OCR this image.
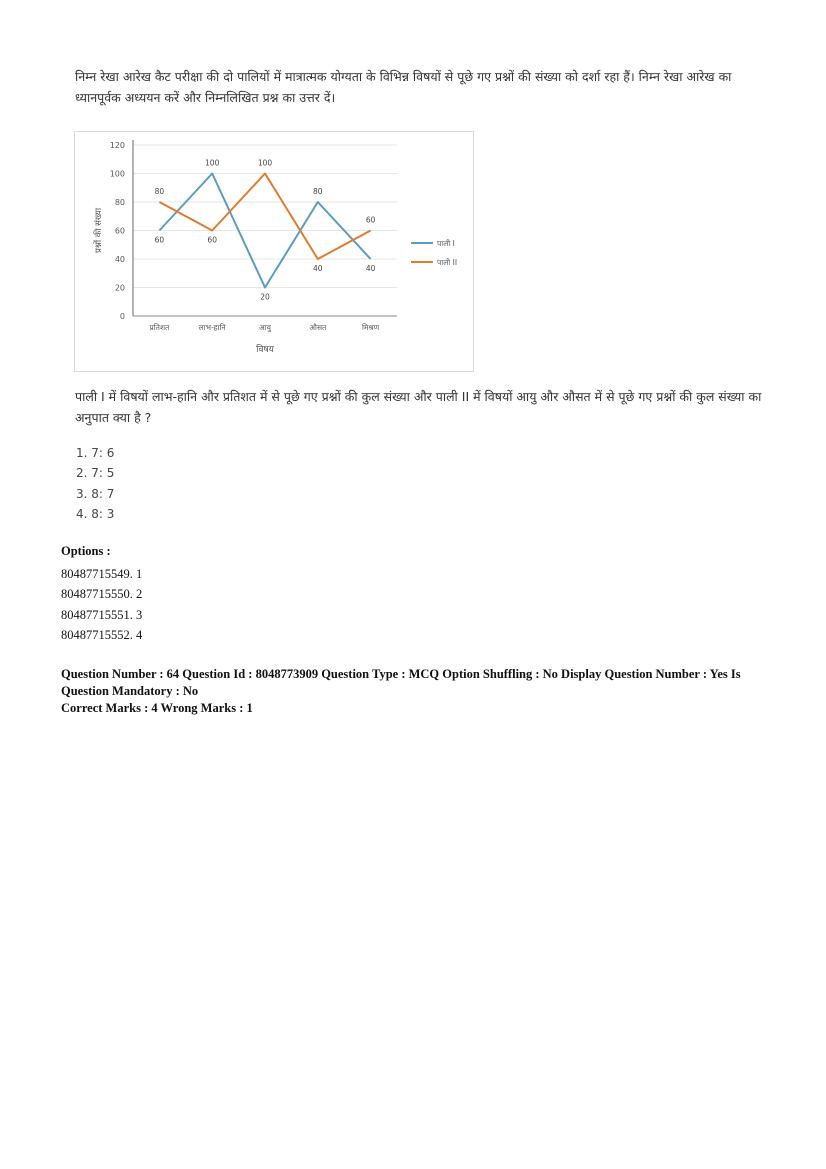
निम्न रेखा आरेख कैट परीक्षा की दो पालियों में मात्रात्मक योग्यता के विभिन्न विषयों से पूछे गए प्रश्नों की संख्या को दर्शा रहा हैं। निम्न रेखा आरेख का ध्यानपूर्वक अध्ययन करें और निम्नलिखित प्रश्न का उत्तर दें।
0
20
40
60
80
100
120
प्रतिशत	लाभ-हानि	आयु	औसत	मिश्रण
विषय
प्रश्नों की संख्या	60
100
20
80
40
80
60
100
40
60
पाली I
पाली II
पाली I में विषयों लाभ-हानि और प्रतिशत में से पूछे गए प्रश्नों की कुल संख्या और पाली II में विषयों आयु और औसत में से पूछे गए प्रश्नों की कुल संख्या का अनुपात क्या है ?
1. 7: 6
2. 7: 5
3. 8: 7
4. 8: 3
Options :
80487715549. 1
80487715550. 2
80487715551. 3
80487715552. 4
Question Number : 64 Question Id : 8048773909 Question Type : MCQ Option Shuffling : No Display Question Number : Yes Is Question Mandatory : No
Correct Marks : 4 Wrong Marks : 1
